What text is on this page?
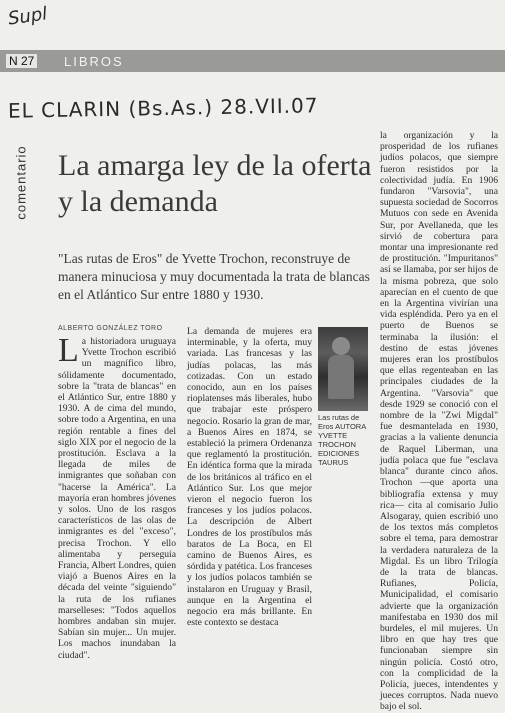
Supl
N 27 LIBROS
EL CLARIN (Bs.As.) 28.VII.07
comentario La amarga ley de la oferta y la demanda
"Las rutas de Eros" de Yvette Trochon, reconstruye de manera minuciosa y muy documentada la trata de blancas en el Atlántico Sur entre 1880 y 1930.
ALBERTO GONZÁLEZ TORO
La historiadora uruguaya Yvette Trochon escribió un magnífico libro, sólidamente documentado, sobre la "trata de blancas" en el Atlántico Sur, entre 1880 y 1930. A de cima del mundo, sobre todo a Argentina, en una región rentable a fines del siglo XIX por el negocio de la prostitución. Esclava a la llegada de miles de inmigrantes que soñaban con "hacerse la América". La mayoría eran hombres jóvenes y solos. Uno de los rasgos característicos de las olas de inmigrantes es del "exceso", precisa Trochon. Y ello alimentaba y perseguía Francia, Albert Londres, quien viajó a Buenos Aires en la década del veinte "siguiendo" la ruta de los rufianes marselleses: "Todos aquellos hombres andaban sin mujer. Sabían sin mujer... Un mujer. Los machos inundaban la ciudad".
La demanda de mujeres era interminable, y la oferta, muy variada. Las francesas y las judías polacas, las más cotizadas. Con un estado conocido, aun en los países rioplatenses más liberales, hubo que trabajar este próspero negocio. Rosario la gran de mar, a Buenos Aires en 1874, se estableció la primera Ordenanza que reglamentó la prostitución. En idéntica forma que la mirada de los británicos al tráfico en el Atlántico Sur. Los que mejor vieron el negocio fueron los franceses y los judíos polacos. La descripción de Albert Londres de los prostíbulos más baratos de La Boca, en El camino de Buenos Aires, es sórdida y patética. Los franceses y los judíos polacos también se instalaron en Uruguay y Brasil, aunque en la Argentina el negocio era más brillante. En este contexto se destaca
Las rutas de Eros AUTORA YVETTE TROCHON EDICIONES TAURUS
la organización y la prosperidad de los rufianes judíos polacos, que siempre fueron resistidos por la colectividad judía. En 1906 fundaron "Varsovia", una supuesta sociedad de Socorros Mutuos con sede en Avenida Sur, por Avellaneda, que les sirvió de cobertura para montar una impresionante red de prostitución. "Impuritanos" así se llamaba, por ser hijos de la misma pobreza, que solo aparecían en el cuento de que en la Argentina vivirían una vida espléndida. Pero ya en el puerto de Buenos se terminaba la ilusión: el destino de estas jóvenes mujeres eran los prostíbulos que ellas regenteaban en las principales ciudades de la Argentina. "Varsovia" que desde 1929 se conoció con el nombre de la "Zwi Migdal" fue desmantelada en 1930, gracias a la valiente denuncia de Raquel Liberman, una judía polaca que fue "esclava blanca" durante cinco años. Trochon —que aporta una bibliografía extensa y muy rica— cita al comisario Julio Alsogaray, quien escribió uno de los textos más completos sobre el tema, para demostrar la verdadera naturaleza de la Migdal. Es un libro Trilogía de la trata de blancas. Rufianes, Policía, Municipalidad, el comisario advierte que la organización manifestaba en 1930 dos mil burdeles, el mil mujeres. Un libro en que hay tres que funcionaban siempre sin ningún policía. Costó otro, con la complicidad de la Policía, jueces, intendentes y jueces corruptos. Nada nuevo bajo el sol.
